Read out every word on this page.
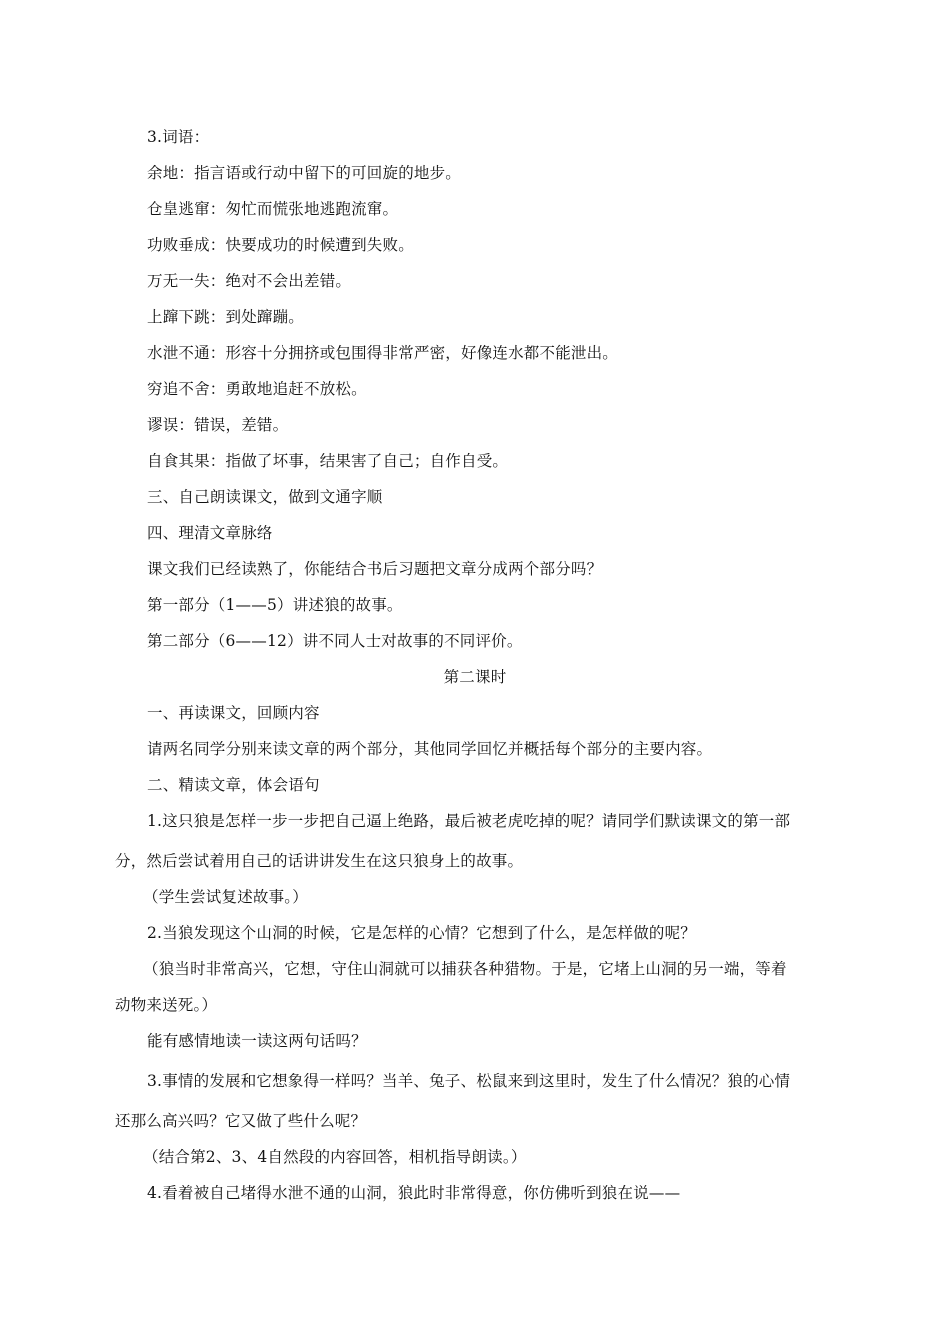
3.词语：
余地：指言语或行动中留下的可回旋的地步。
仓皇逃窜：匆忙而慌张地逃跑流窜。
功败垂成：快要成功的时候遭到失败。
万无一失：绝对不会出差错。
上蹿下跳：到处蹿蹦。
水泄不通：形容十分拥挤或包围得非常严密，好像连水都不能泄出。
穷追不舍：勇敢地追赶不放松。
谬误：错误，差错。
自食其果：指做了坏事，结果害了自己；自作自受。
三、自己朗读课文，做到文通字顺
四、理清文章脉络
课文我们已经读熟了，你能结合书后习题把文章分成两个部分吗？
第一部分（1——5）讲述狼的故事。
第二部分（6——12）讲不同人士对故事的不同评价。
第二课时
一、再读课文，回顾内容
请两名同学分别来读文章的两个部分，其他同学回忆并概括每个部分的主要内容。
二、精读文章，体会语句
1.这只狼是怎样一步一步把自己逼上绝路，最后被老虎吃掉的呢？请同学们默读课文的第一部
分，然后尝试着用自己的话讲讲发生在这只狼身上的故事。
（学生尝试复述故事。）
2.当狼发现这个山洞的时候，它是怎样的心情？它想到了什么，是怎样做的呢？
（狼当时非常高兴，它想，守住山洞就可以捕获各种猎物。于是，它堵上山洞的另一端，等着
动物来送死。）
能有感情地读一读这两句话吗？
3.事情的发展和它想象得一样吗？当羊、兔子、松鼠来到这里时，发生了什么情况？狼的心情
还那么高兴吗？它又做了些什么呢？
（结合第2、3、4自然段的内容回答，相机指导朗读。）
4.看着被自己堵得水泄不通的山洞，狼此时非常得意，你仿佛听到狼在说——
